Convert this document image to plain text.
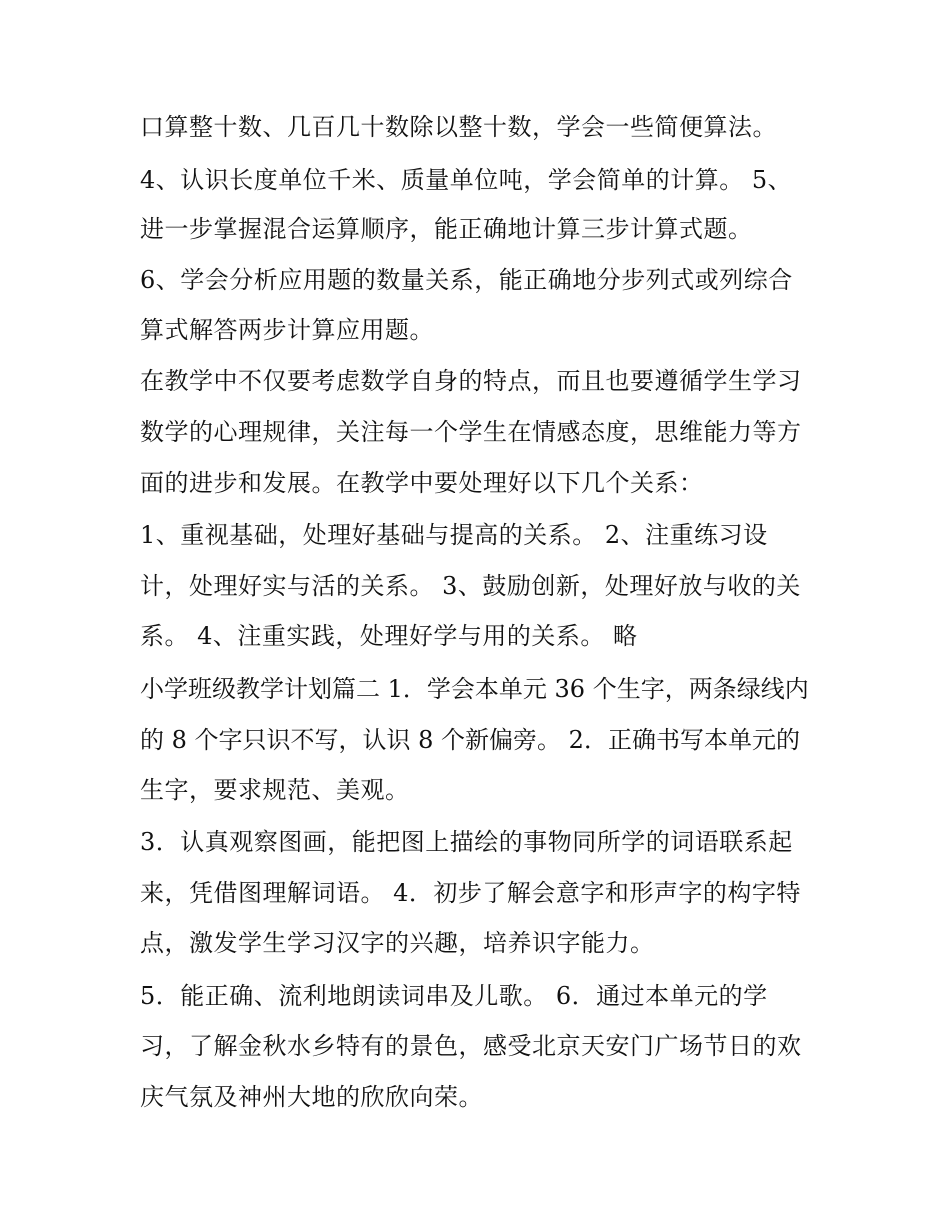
口算整十数、几百几十数除以整十数，学会一些简便算法。
4、认识长度单位千米、质量单位吨，学会简单的计算。 5、
进一步掌握混合运算顺序，能正确地计算三步计算式题。
6、学会分析应用题的数量关系，能正确地分步列式或列综合
算式解答两步计算应用题。
在教学中不仅要考虑数学自身的特点，而且也要遵循学生学习
数学的心理规律，关注每一个学生在情感态度，思维能力等方
面的进步和发展。在教学中要处理好以下几个关系：
1、重视基础，处理好基础与提高的关系。 2、注重练习设
计，处理好实与活的关系。 3、鼓励创新，处理好放与收的关
系。 4、注重实践，处理好学与用的关系。 略
小学班级教学计划篇二 1．学会本单元 36 个生字，两条绿线内
的 8 个字只识不写，认识 8 个新偏旁。 2．正确书写本单元的
生字，要求规范、美观。
3．认真观察图画，能把图上描绘的事物同所学的词语联系起
来，凭借图理解词语。 4．初步了解会意字和形声字的构字特
点，激发学生学习汉字的兴趣，培养识字能力。
5．能正确、流利地朗读词串及儿歌。 6．通过本单元的学
习，了解金秋水乡特有的景色，感受北京天安门广场节日的欢
庆气氛及神州大地的欣欣向荣。
